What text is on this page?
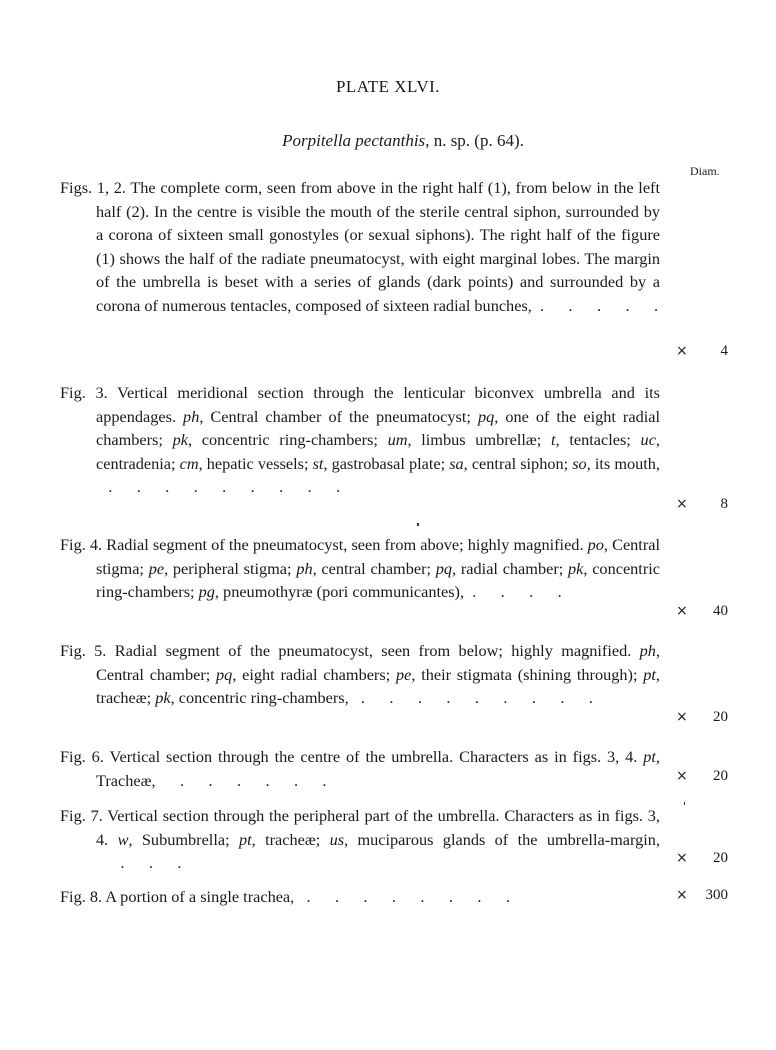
PLATE XLVI.
Porpitella pectanthis, n. sp. (p. 64).
Diam.
Figs. 1, 2. The complete corm, seen from above in the right half (1), from below in the left half (2). In the centre is visible the mouth of the sterile central siphon, surrounded by a corona of sixteen small gonostyles (or sexual siphons). The right half of the figure (1) shows the half of the radiate pneumatocyst, with eight marginal lobes. The margin of the umbrella is beset with a series of glands (dark points) and surrounded by a corona of numerous tentacles, composed of sixteen radial bunches,  .      .      .      .      .
× 4
Fig. 3. Vertical meridional section through the lenticular biconvex umbrella and its appendages. ph, Central chamber of the pneumatocyst; pq, one of the eight radial chambers; pk, concentric ring-chambers; um, limbus umbrellæ; t, tentacles; uc, centradenia; cm, hepatic vessels; st, gastrobasal plate; sa, central siphon; so, its mouth,   .      .      .      .      .      .      .      .      .
× 8
Fig. 4. Radial segment of the pneumatocyst, seen from above; highly magnified. po, Central stigma; pe, peripheral stigma; ph, central chamber; pq, radial chamber; pk, concentric ring-chambers; pg, pneumothyræ (pori communicantes),  .      .      .      .
× 40
Fig. 5. Radial segment of the pneumatocyst, seen from below; highly magnified. ph, Central chamber; pq, eight radial chambers; pe, their stigmata (shining through); pt, tracheæ; pk, concentric ring-chambers,   .      .      .      .      .      .      .      .      .
× 20
Fig. 6. Vertical section through the centre of the umbrella. Characters as in figs. 3, 4. pt, Tracheæ,      .      .      .      .      .      .	× 20
Fig. 7. Vertical section through the peripheral part of the umbrella. Characters as in figs. 3, 4. w, Subumbrella; pt, tracheæ; us, muciparous glands of the umbrella-margin,      .      .      .	× 20
Fig. 8. A portion of a single trachea,   .      .      .      .      .      .      .      .	× 300
